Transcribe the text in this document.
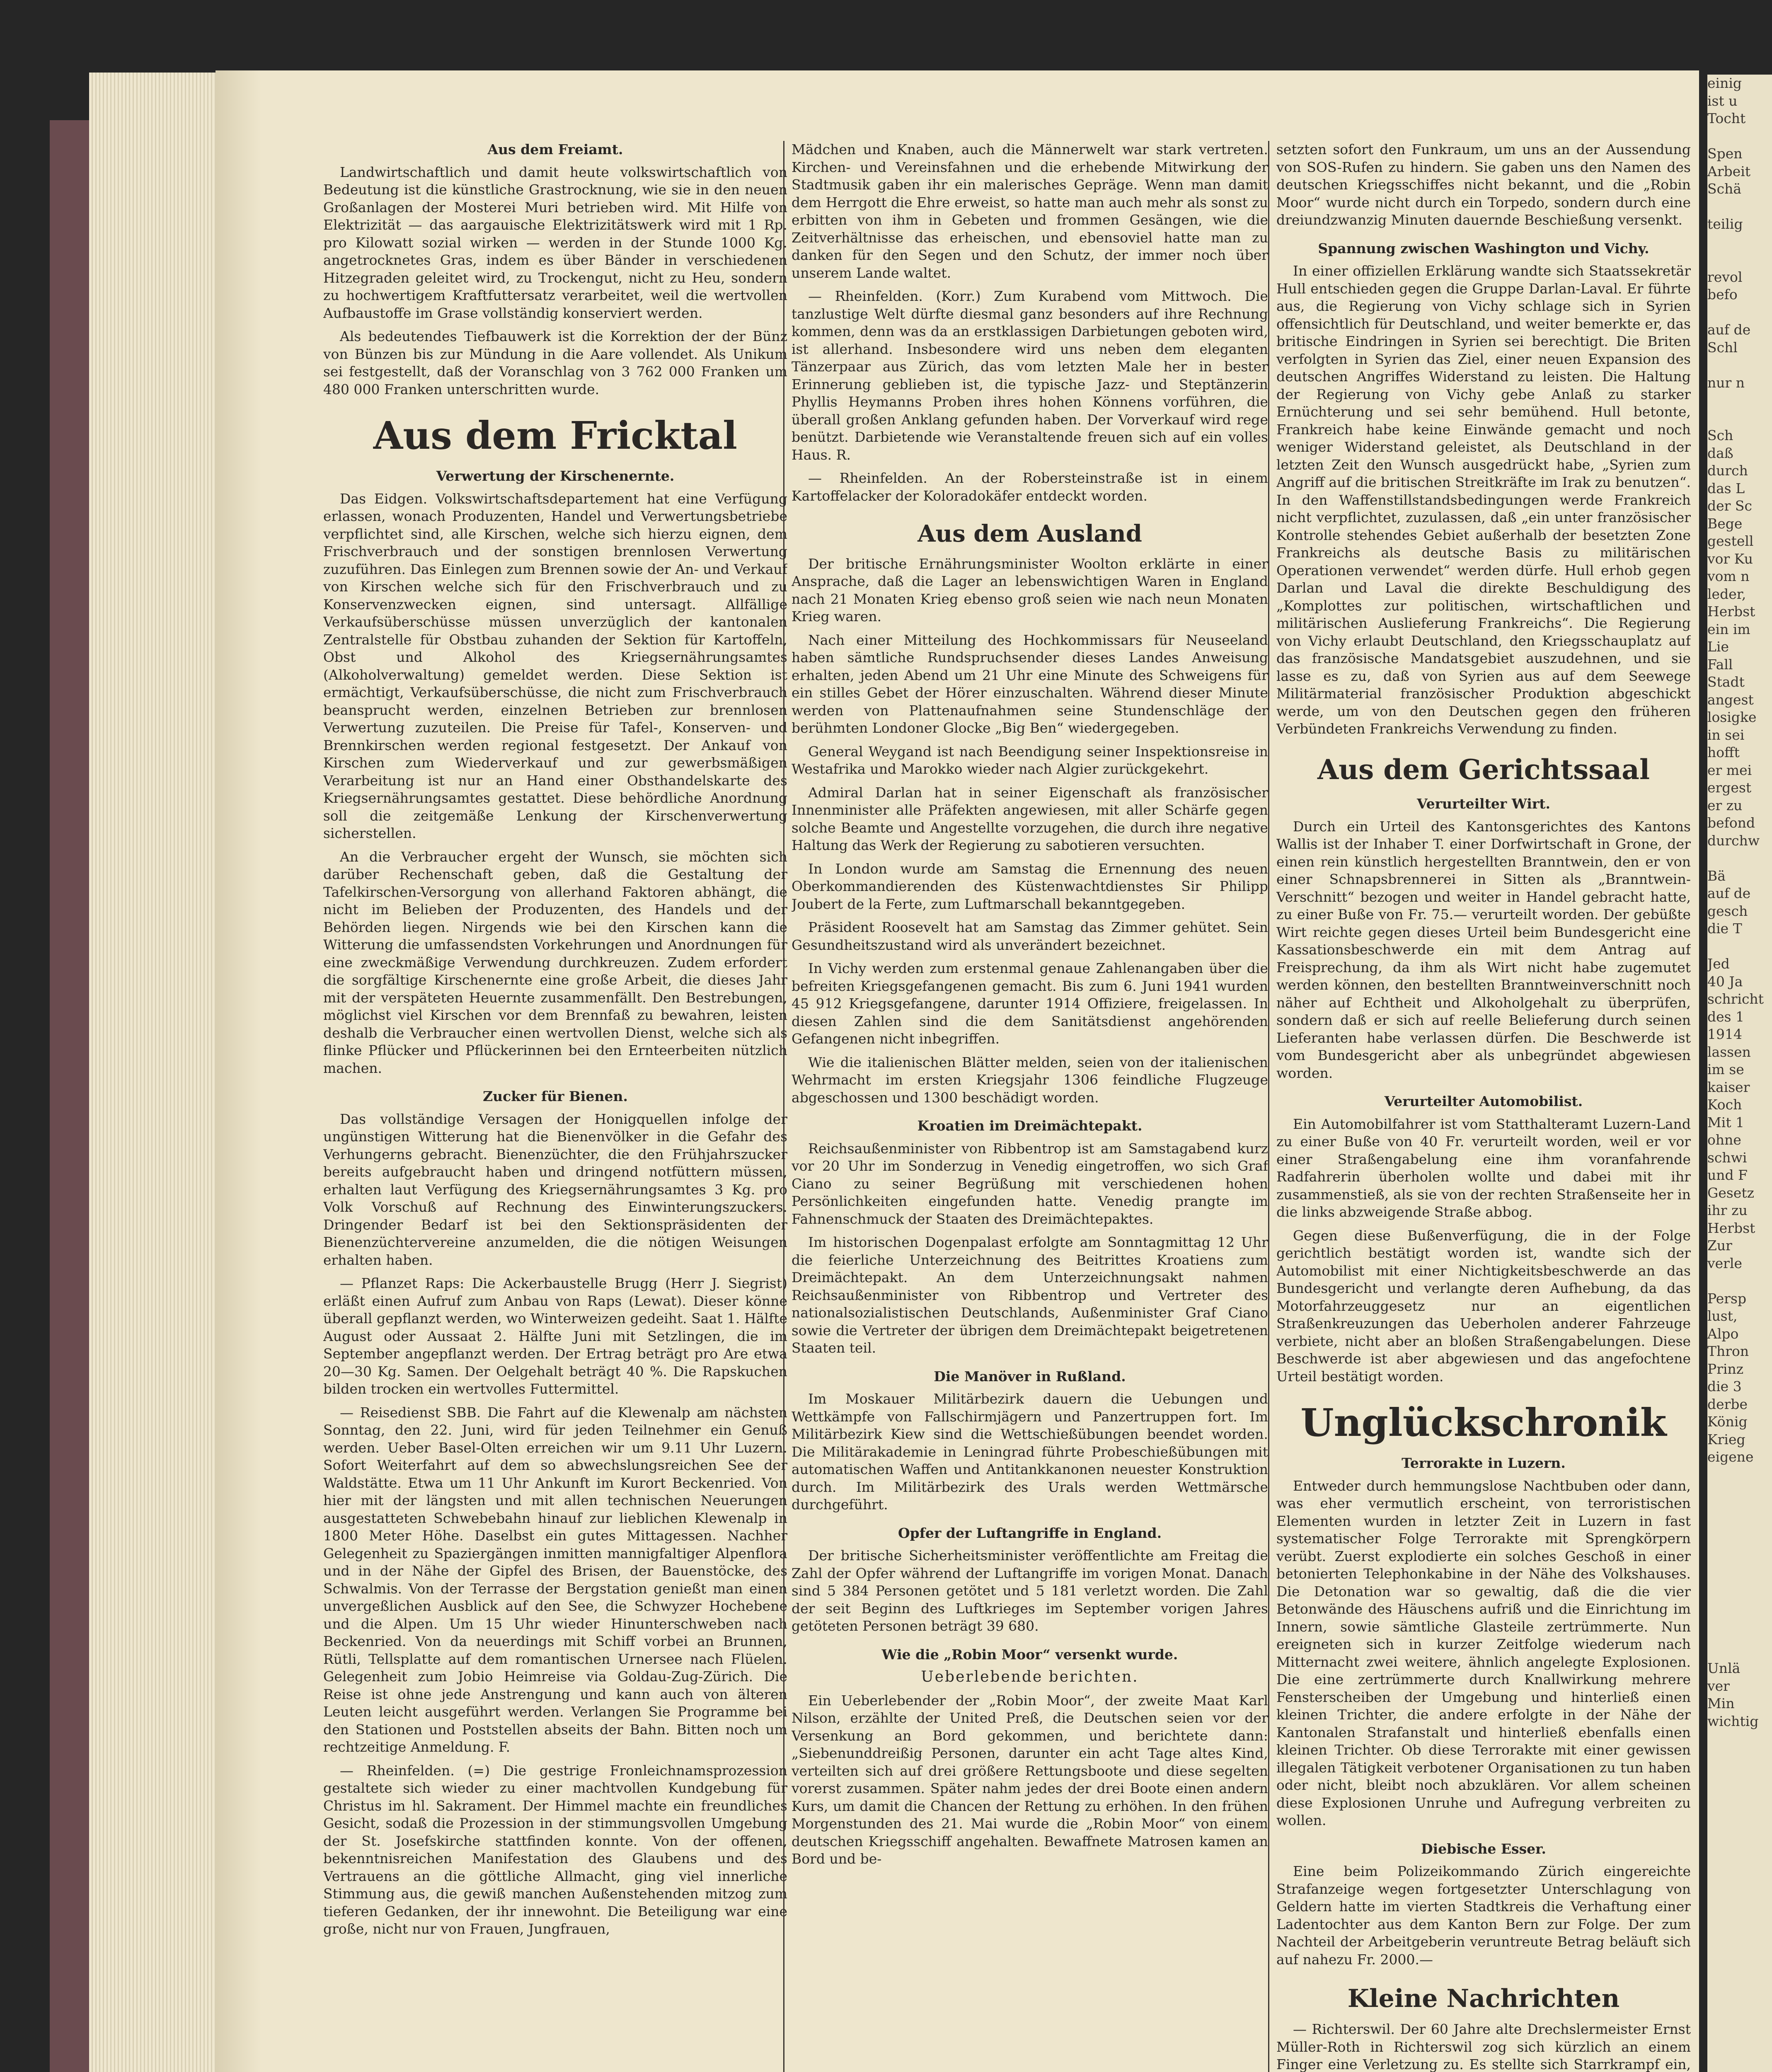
Aus dem Freiamt.

Landwirtschaftlich und damit heute volkswirtschaftlich von Bedeutung ist die künstliche Grastrocknung, wie sie in den neuen Großanlagen der Mosterei Muri betrieben wird. Mit Hilfe von Elektrizität — das aargauische Elektrizitätswerk wird mit 1 Rp. pro Kilowatt sozial wirken — werden in der Stunde 1000 Kg. angetrocknetes Gras, indem es über Bänder in verschiedenen Hitzegraden geleitet wird, zu Trockengut, nicht zu Heu, sondern zu hochwertigem Kraftfuttersatz verarbeitet, weil die wertvollen Aufbaustoffe im Grase vollständig konserviert werden.

Als bedeutendes Tiefbauwerk ist die Korrektion der der Bünz von Bünzen bis zur Mündung in die Aare vollendet. Als Unikum sei festgestellt, daß der Voranschlag von 3 762 000 Franken um 480 000 Franken unterschritten wurde.

Aus dem Fricktal
Verwertung der Kirschenernte.

Das Eidgen. Volkswirtschaftsdepartement hat eine Verfügung erlassen, wonach Produzenten, Handel und Verwertungsbetriebe verpflichtet sind, alle Kirschen, welche sich hierzu eignen, dem Frischverbrauch und der sonstigen brennlosen Verwertung zuzuführen. Das Einlegen zum Brennen sowie der An- und Verkauf von Kirschen welche sich für den Frischverbrauch und zu Konservenzwecken eignen, sind untersagt. Allfällige Verkaufsüberschüsse müssen unverzüglich der kantonalen Zentralstelle für Obstbau zuhanden der Sektion für Kartoffeln, Obst und Alkohol des Kriegsernährungsamtes (Alkoholverwaltung) gemeldet werden. Diese Sektion ist ermächtigt, Verkaufsüberschüsse, die nicht zum Frischverbrauch beansprucht werden, einzelnen Betrieben zur brennlosen Verwertung zuzuteilen. Die Preise für Tafel-, Konserven- und Brennkirschen werden regional festgesetzt. Der Ankauf von Kirschen zum Wiederverkauf und zur gewerbsmäßigen Verarbeitung ist nur an Hand einer Obsthandelskarte des Kriegsernährungsamtes gestattet. Diese behördliche Anordnung soll die zeitgemäße Lenkung der Kirschenverwertung sicherstellen.

An die Verbraucher ergeht der Wunsch, sie möchten sich darüber Rechenschaft geben, daß die Gestaltung der Tafelkirschen-Versorgung von allerhand Faktoren abhängt, die nicht im Belieben der Produzenten, des Handels und der Behörden liegen. Nirgends wie bei den Kirschen kann die Witterung die umfassendsten Vorkehrungen und Anordnungen für eine zweckmäßige Verwendung durchkreuzen. Zudem erfordert die sorgfältige Kirschenernte eine große Arbeit, die dieses Jahr mit der verspäteten Heuernte zusammenfällt. Den Bestrebungen, möglichst viel Kirschen vor dem Brennfaß zu bewahren, leisten deshalb die Verbraucher einen wertvollen Dienst, welche sich als flinke Pflücker und Pflückerinnen bei den Ernteerbeiten nützlich machen.

Zucker für Bienen.

Das vollständige Versagen der Honigquellen infolge der ungünstigen Witterung hat die Bienenvölker in die Gefahr des Verhungerns gebracht. Bienenzüchter, die den Frühjahrszucker bereits aufgebraucht haben und dringend notfüttern müssen, erhalten laut Verfügung des Kriegsernährungsamtes 3 Kg. pro Volk Vorschuß auf Rechnung des Einwinterungszuckers. Dringender Bedarf ist bei den Sektionspräsidenten der Bienenzüchtervereine anzumelden, die die nötigen Weisungen erhalten haben.

— Pflanzet Raps: Die Ackerbaustelle Brugg (Herr J. Siegrist) erläßt einen Aufruf zum Anbau von Raps (Lewat). Dieser könne überall gepflanzt werden, wo Winterweizen gedeiht. Saat 1. Hälfte August oder Aussaat 2. Hälfte Juni mit Setzlingen, die im September angepflanzt werden. Der Ertrag beträgt pro Are etwa 20—30 Kg. Samen. Der Oelgehalt beträgt 40 %. Die Rapskuchen bilden trocken ein wertvolles Futtermittel.

— Reisedienst SBB. Die Fahrt auf die Klewenalp am nächsten Sonntag, den 22. Juni, wird für jeden Teilnehmer ein Genuß werden. Ueber Basel-Olten erreichen wir um 9.11 Uhr Luzern. Sofort Weiterfahrt auf dem so abwechslungsreichen See der Waldstätte. Etwa um 11 Uhr Ankunft im Kurort Beckenried. Von hier mit der längsten und mit allen technischen Neuerungen ausgestatteten Schwebebahn hinauf zur lieblichen Klewenalp in 1800 Meter Höhe. Daselbst ein gutes Mittagessen. Nachher Gelegenheit zu Spaziergängen inmitten mannigfaltiger Alpenflora und in der Nähe der Gipfel des Brisen, der Bauenstöcke, des Schwalmis. Von der Terrasse der Bergstation genießt man einen unvergeßlichen Ausblick auf den See, die Schwyzer Hochebene und die Alpen. Um 15 Uhr wieder Hinunterschweben nach Beckenried. Von da neuerdings mit Schiff vorbei an Brunnen, Rütli, Tellsplatte auf dem romantischen Urnersee nach Flüelen. Gelegenheit zum Jobio Heimreise via Goldau-Zug-Zürich. Die Reise ist ohne jede Anstrengung und kann auch von älteren Leuten leicht ausgeführt werden. Verlangen Sie Programme bei den Stationen und Poststellen abseits der Bahn. Bitten noch um rechtzeitige Anmeldung. F.

— Rheinfelden. (=) Die gestrige Fronleichnamsprozession gestaltete sich wieder zu einer machtvollen Kundgebung für Christus im hl. Sakrament. Der Himmel machte ein freundliches Gesicht, sodaß die Prozession in der stimmungsvollen Umgebung der St. Josefskirche stattfinden konnte. Von der offenen, bekenntnisreichen Manifestation des Glaubens und des Vertrauens an die göttliche Allmacht, ging viel innerliche Stimmung aus, die gewiß manchen Außenstehenden mitzog zum tieferen Gedanken, der ihr innewohnt. Die Beteiligung war eine große, nicht nur von Frauen, Jungfrauen,

Mädchen und Knaben, auch die Männerwelt war stark vertreten. Kirchen- und Vereinsfahnen und die erhebende Mitwirkung der Stadtmusik gaben ihr ein malerisches Gepräge. Wenn man damit dem Herrgott die Ehre erweist, so hatte man auch mehr als sonst zu erbitten von ihm in Gebeten und frommen Gesängen, wie die Zeitverhältnisse das erheischen, und ebensoviel hatte man zu danken für den Segen und den Schutz, der immer noch über unserem Lande waltet.

— Rheinfelden. (Korr.) Zum Kurabend vom Mittwoch. Die tanzlustige Welt dürfte diesmal ganz besonders auf ihre Rechnung kommen, denn was da an erstklassigen Darbietungen geboten wird, ist allerhand. Insbesondere wird uns neben dem eleganten Tänzerpaar aus Zürich, das vom letzten Male her in bester Erinnerung geblieben ist, die typische Jazz- und Steptänzerin Phyllis Heymanns Proben ihres hohen Könnens vorführen, die überall großen Anklang gefunden haben. Der Vorverkauf wird rege benützt. Darbietende wie Veranstaltende freuen sich auf ein volles Haus. R.

— Rheinfelden. An der Robersteinstraße ist in einem Kartoffelacker der Koloradokäfer entdeckt worden.

Aus dem Ausland

Der britische Ernährungsminister Woolton erklärte in einer Ansprache, daß die Lager an lebenswichtigen Waren in England nach 21 Monaten Krieg ebenso groß seien wie nach neun Monaten Krieg waren.

Nach einer Mitteilung des Hochkommissars für Neuseeland haben sämtliche Rundspruchsender dieses Landes Anweisung erhalten, jeden Abend um 21 Uhr eine Minute des Schweigens für ein stilles Gebet der Hörer einzuschalten. Während dieser Minute werden von Plattenaufnahmen seine Stundenschläge der berühmten Londoner Glocke „Big Ben“ wiedergegeben.

General Weygand ist nach Beendigung seiner Inspektionsreise in Westafrika und Marokko wieder nach Algier zurückgekehrt.

Admiral Darlan hat in seiner Eigenschaft als französischer Innenminister alle Präfekten angewiesen, mit aller Schärfe gegen solche Beamte und Angestellte vorzugehen, die durch ihre negative Haltung das Werk der Regierung zu sabotieren versuchten.

In London wurde am Samstag die Ernennung des neuen Oberkommandierenden des Küstenwachtdienstes Sir Philipp Joubert de la Ferte, zum Luftmarschall bekanntgegeben.

Präsident Roosevelt hat am Samstag das Zimmer gehütet. Sein Gesundheitszustand wird als unverändert bezeichnet.

In Vichy werden zum erstenmal genaue Zahlenangaben über die befreiten Kriegsgefangenen gemacht. Bis zum 6. Juni 1941 wurden 45 912 Kriegsgefangene, darunter 1914 Offiziere, freigelassen. In diesen Zahlen sind die dem Sanitätsdienst angehörenden Gefangenen nicht inbegriffen.

Wie die italienischen Blätter melden, seien von der italienischen Wehrmacht im ersten Kriegsjahr 1306 feindliche Flugzeuge abgeschossen und 1300 beschädigt worden.

Kroatien im Dreimächtepakt.

Reichsaußenminister von Ribbentrop ist am Samstagabend kurz vor 20 Uhr im Sonderzug in Venedig eingetroffen, wo sich Graf Ciano zu seiner Begrüßung mit verschiedenen hohen Persönlichkeiten eingefunden hatte. Venedig prangte im Fahnenschmuck der Staaten des Dreimächtepaktes.

Im historischen Dogenpalast erfolgte am Sonntagmittag 12 Uhr die feierliche Unterzeichnung des Beitrittes Kroatiens zum Dreimächtepakt. An dem Unterzeichnungsakt nahmen Reichsaußenminister von Ribbentrop und Vertreter des nationalsozialistischen Deutschlands, Außenminister Graf Ciano sowie die Vertreter der übrigen dem Dreimächtepakt beigetretenen Staaten teil.

Die Manöver in Rußland.

Im Moskauer Militärbezirk dauern die Uebungen und Wettkämpfe von Fallschirmjägern und Panzertruppen fort. Im Militärbezirk Kiew sind die Wettschießübungen beendet worden. Die Militärakademie in Leningrad führte Probeschießübungen mit automatischen Waffen und Antitankkanonen neuester Konstruktion durch. Im Militärbezirk des Urals werden Wettmärsche durchgeführt.

Opfer der Luftangriffe in England.

Der britische Sicherheitsminister veröffentlichte am Freitag die Zahl der Opfer während der Luftangriffe im vorigen Monat. Danach sind 5 384 Personen getötet und 5 181 verletzt worden. Die Zahl der seit Beginn des Luftkrieges im September vorigen Jahres getöteten Personen beträgt 39 680.

Wie die „Robin Moor“ versenkt wurde.
Ueberlebende berichten.

Ein Ueberlebender der „Robin Moor“, der zweite Maat Karl Nilson, erzählte der United Preß, die Deutschen seien vor der Versenkung an Bord gekommen, und berichtete dann: „Siebenunddreißig Personen, darunter ein acht Tage altes Kind, verteilten sich auf drei größere Rettungsboote und diese segelten vorerst zusammen. Später nahm jedes der drei Boote einen andern Kurs, um damit die Chancen der Rettung zu erhöhen. In den frühen Morgenstunden des 21. Mai wurde die „Robin Moor“ von einem deutschen Kriegsschiff angehalten. Bewaffnete Matrosen kamen an Bord und be-

setzten sofort den Funkraum, um uns an der Aussendung von SOS-Rufen zu hindern. Sie gaben uns den Namen des deutschen Kriegsschiffes nicht bekannt, und die „Robin Moor“ wurde nicht durch ein Torpedo, sondern durch eine dreiundzwanzig Minuten dauernde Beschießung versenkt.

Spannung zwischen Washington und Vichy.

In einer offiziellen Erklärung wandte sich Staatssekretär Hull entschieden gegen die Gruppe Darlan-Laval. Er führte aus, die Regierung von Vichy schlage sich in Syrien offensichtlich für Deutschland, und weiter bemerkte er, das britische Eindringen in Syrien sei berechtigt. Die Briten verfolgten in Syrien das Ziel, einer neuen Expansion des deutschen Angriffes Widerstand zu leisten. Die Haltung der Regierung von Vichy gebe Anlaß zu starker Ernüchterung und sei sehr bemühend. Hull betonte, Frankreich habe keine Einwände gemacht und noch weniger Widerstand geleistet, als Deutschland in der letzten Zeit den Wunsch ausgedrückt habe, „Syrien zum Angriff auf die britischen Streitkräfte im Irak zu benutzen“. In den Waffenstillstandsbedingungen werde Frankreich nicht verpflichtet, zuzulassen, daß „ein unter französischer Kontrolle stehendes Gebiet außerhalb der besetzten Zone Frankreichs als deutsche Basis zu militärischen Operationen verwendet“ werden dürfe. Hull erhob gegen Darlan und Laval die direkte Beschuldigung des „Komplottes zur politischen, wirtschaftlichen und militärischen Auslieferung Frankreichs“. Die Regierung von Vichy erlaubt Deutschland, den Kriegsschauplatz auf das französische Mandatsgebiet auszudehnen, und sie lasse es zu, daß von Syrien aus auf dem Seewege Militärmaterial französischer Produktion abgeschickt werde, um von den Deutschen gegen den früheren Verbündeten Frankreichs Verwendung zu finden.

Aus dem Gerichtssaal
Verurteilter Wirt.

Durch ein Urteil des Kantonsgerichtes des Kantons Wallis ist der Inhaber T. einer Dorfwirtschaft in Grone, der einen rein künstlich hergestellten Branntwein, den er von einer Schnapsbrennerei in Sitten als „Branntwein-Verschnitt“ bezogen und weiter in Handel gebracht hatte, zu einer Buße von Fr. 75.— verurteilt worden. Der gebüßte Wirt reichte gegen dieses Urteil beim Bundesgericht eine Kassationsbeschwerde ein mit dem Antrag auf Freisprechung, da ihm als Wirt nicht habe zugemutet werden können, den bestellten Branntweinverschnitt noch näher auf Echtheit und Alkoholgehalt zu überprüfen, sondern daß er sich auf reelle Belieferung durch seinen Lieferanten habe verlassen dürfen. Die Beschwerde ist vom Bundesgericht aber als unbegründet abgewiesen worden.

Verurteilter Automobilist.

Ein Automobilfahrer ist vom Statthalteramt Luzern-Land zu einer Buße von 40 Fr. verurteilt worden, weil er vor einer Straßengabelung eine ihm voranfahrende Radfahrerin überholen wollte und dabei mit ihr zusammenstieß, als sie von der rechten Straßenseite her in die links abzweigende Straße abbog.

Gegen diese Bußenverfügung, die in der Folge gerichtlich bestätigt worden ist, wandte sich der Automobilist mit einer Nichtigkeitsbeschwerde an das Bundesgericht und verlangte deren Aufhebung, da das Motorfahrzeuggesetz nur an eigentlichen Straßenkreuzungen das Ueberholen anderer Fahrzeuge verbiete, nicht aber an bloßen Straßengabelungen. Diese Beschwerde ist aber abgewiesen und das angefochtene Urteil bestätigt worden.

Unglückschronik
Terrorakte in Luzern.

Entweder durch hemmungslose Nachtbuben oder dann, was eher vermutlich erscheint, von terroristischen Elementen wurden in letzter Zeit in Luzern in fast systematischer Folge Terrorakte mit Sprengkörpern verübt. Zuerst explodierte ein solches Geschoß in einer betonierten Telephonkabine in der Nähe des Volkshauses. Die Detonation war so gewaltig, daß die die vier Betonwände des Häuschens aufriß und die Einrichtung im Innern, sowie sämtliche Glasteile zertrümmerte. Nun ereigneten sich in kurzer Zeitfolge wiederum nach Mitternacht zwei weitere, ähnlich angelegte Explosionen. Die eine zertrümmerte durch Knallwirkung mehrere Fensterscheiben der Umgebung und hinterließ einen kleinen Trichter, die andere erfolgte in der Nähe der Kantonalen Strafanstalt und hinterließ ebenfalls einen kleinen Trichter. Ob diese Terrorakte mit einer gewissen illegalen Tätigkeit verbotener Organisationen zu tun haben oder nicht, bleibt noch abzuklären. Vor allem scheinen diese Explosionen Unruhe und Aufregung verbreiten zu wollen.

Diebische Esser.

Eine beim Polizeikommando Zürich eingereichte Strafanzeige wegen fortgesetzter Unterschlagung von Geldern hatte im vierten Stadtkreis die Verhaftung einer Ladentochter aus dem Kanton Bern zur Folge. Der zum Nachteil der Arbeitgeberin veruntreute Betrag beläuft sich auf nahezu Fr. 2000.—

Kleine Nachrichten

— Richterswil. Der 60 Jahre alte Drechslermeister Ernst Müller-Roth in Richterswil zog sich kürzlich an einem Finger eine Verletzung zu. Es stellte sich Starrkrampf ein,

einig
ist u
Tocht

Spen
Arbeit
Schä

teilig

revol
befo

auf de
Schl

nur n

Sch
daß
durch
das L
der Sc
Bege
gestell
vor Ku
vom n
leder,
Herbst
ein im
Lie
Fall
Stadt
angest
losigke
in sei
hofft
er mei
ergest
er zu
befond
durchw

Bä
auf de
gesch
die T

Jed
40 Ja
schricht
des 1
1914
lassen
im se
kaiser
Koch
Mit 1
ohne
schwi
und F
Gesetz
ihr zu
Herbst
Zur
verle

Persp
lust,
Alpo
Thron
Prinz
die 3
derbe
König
Krieg
eigene

Unlä
ver
Min
wichtig
